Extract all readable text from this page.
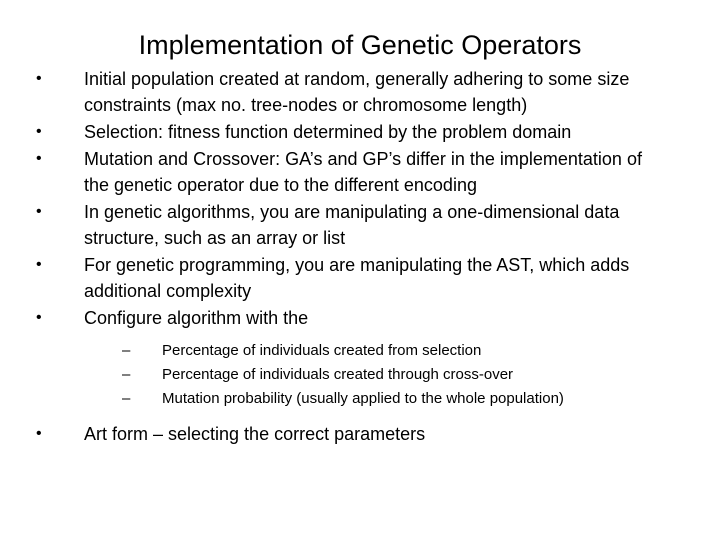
Implementation of Genetic Operators
•	Initial population created at random, generally adhering to some size constraints (max no. tree-nodes or chromosome length)
•	Selection: fitness function determined by the problem domain
•	Mutation and Crossover: GA’s and GP’s differ in the implementation of the genetic operator due to the different encoding
•	In genetic algorithms, you are manipulating a one-dimensional data structure, such as an array or list
•	For genetic programming, you are manipulating the AST, which adds additional complexity
•	Configure algorithm with the
– Percentage of individuals created from selection
– Percentage of individuals created through cross-over
– Mutation probability (usually applied to the whole population)
•	Art form – selecting the correct parameters
